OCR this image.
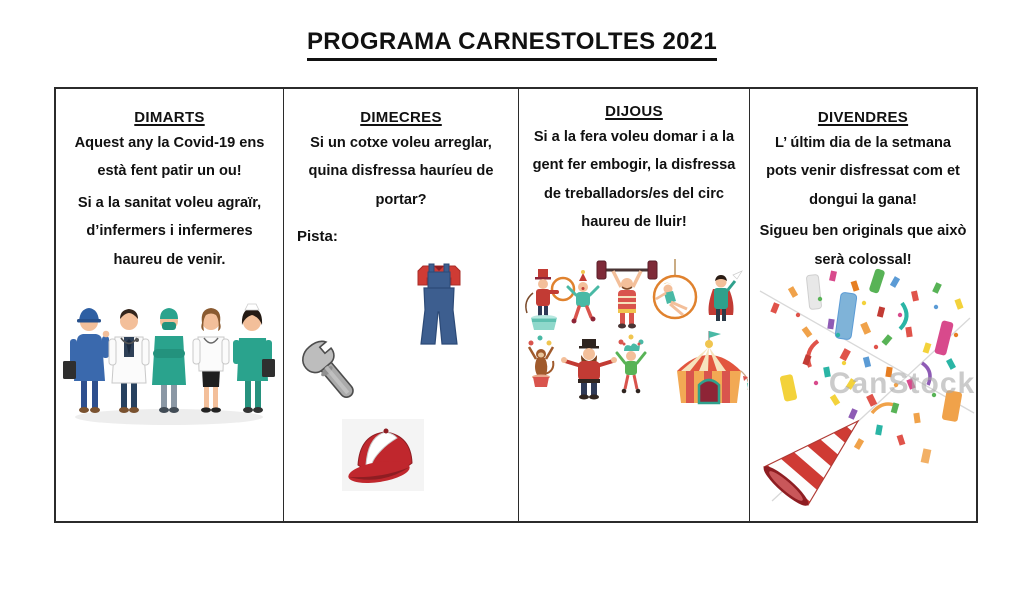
PROGRAMA CARNESTOLTES 2021
DIMARTS

Aquest any la Covid-19 ens està fent patir un ou!

Si a la sanitat voleu agraïr, d’infermers i infermeres haureu de venir.

DIMECRES

Si un cotxe voleu arreglar, quina disfressa hauríeu de portar?

Pista:
DIJOUS

Si a la fera voleu domar i a la gent fer embogir, la disfressa de treballadors/es del circ haureu de lluir!

DIVENDRES

L’ últim dia de la setmana pots venir disfressat com et dongui la gana!

Sigueu ben originals que això serà colossal!

CanStock
